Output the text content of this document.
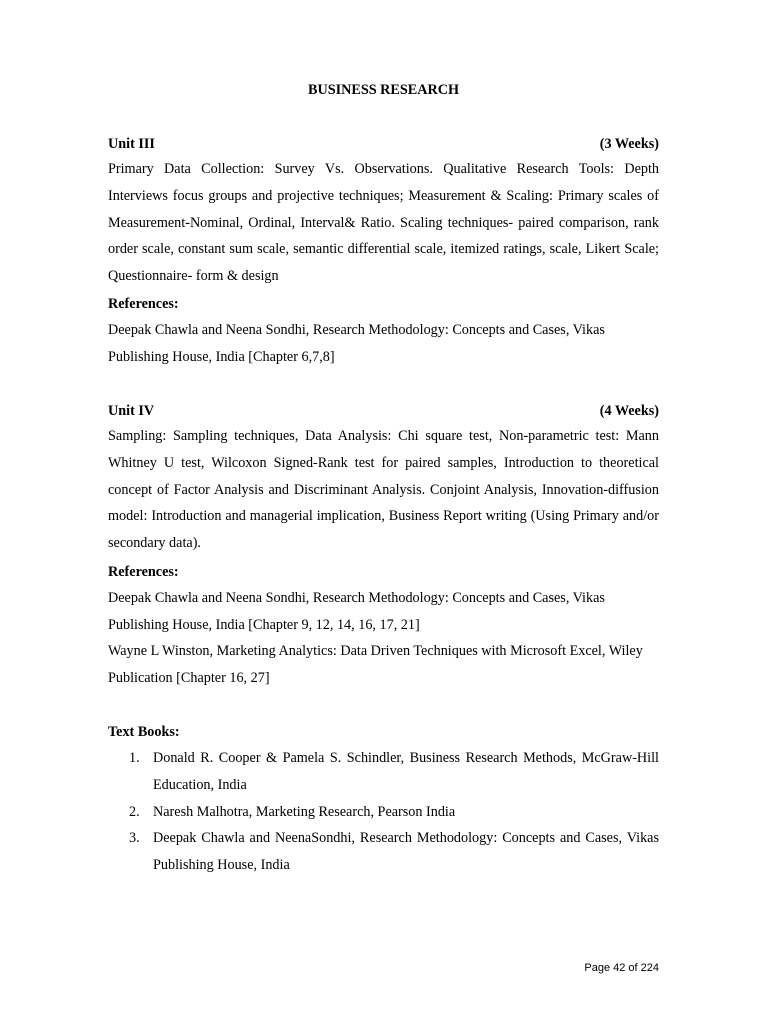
BUSINESS RESEARCH
Unit III	(3 Weeks)

Primary Data Collection: Survey Vs. Observations. Qualitative Research Tools: Depth Interviews focus groups and projective techniques; Measurement & Scaling: Primary scales of Measurement-Nominal, Ordinal, Interval& Ratio. Scaling techniques- paired comparison, rank order scale, constant sum scale, semantic differential scale, itemized ratings, scale, Likert Scale; Questionnaire- form & design

References:

Deepak Chawla and Neena Sondhi, Research Methodology: Concepts and Cases, Vikas Publishing House, India [Chapter 6,7,8]

Unit IV	(4 Weeks)

Sampling: Sampling techniques, Data Analysis: Chi square test, Non-parametric test: Mann Whitney U test, Wilcoxon Signed-Rank test for paired samples, Introduction to theoretical concept of Factor Analysis and Discriminant Analysis. Conjoint Analysis, Innovation-diffusion model: Introduction and managerial implication, Business Report writing (Using Primary and/or secondary data).

References:

Deepak Chawla and Neena Sondhi, Research Methodology: Concepts and Cases, Vikas Publishing House, India [Chapter 9, 12, 14, 16, 17, 21]

Wayne L Winston, Marketing Analytics: Data Driven Techniques with Microsoft Excel, Wiley Publication [Chapter 16, 27]

Text Books:
1. Donald R. Cooper & Pamela S. Schindler, Business Research Methods, McGraw-Hill Education, India
2. Naresh Malhotra, Marketing Research, Pearson India
3. Deepak Chawla and NeenaSondhi, Research Methodology: Concepts and Cases, Vikas Publishing House, India
Page 42 of 224
